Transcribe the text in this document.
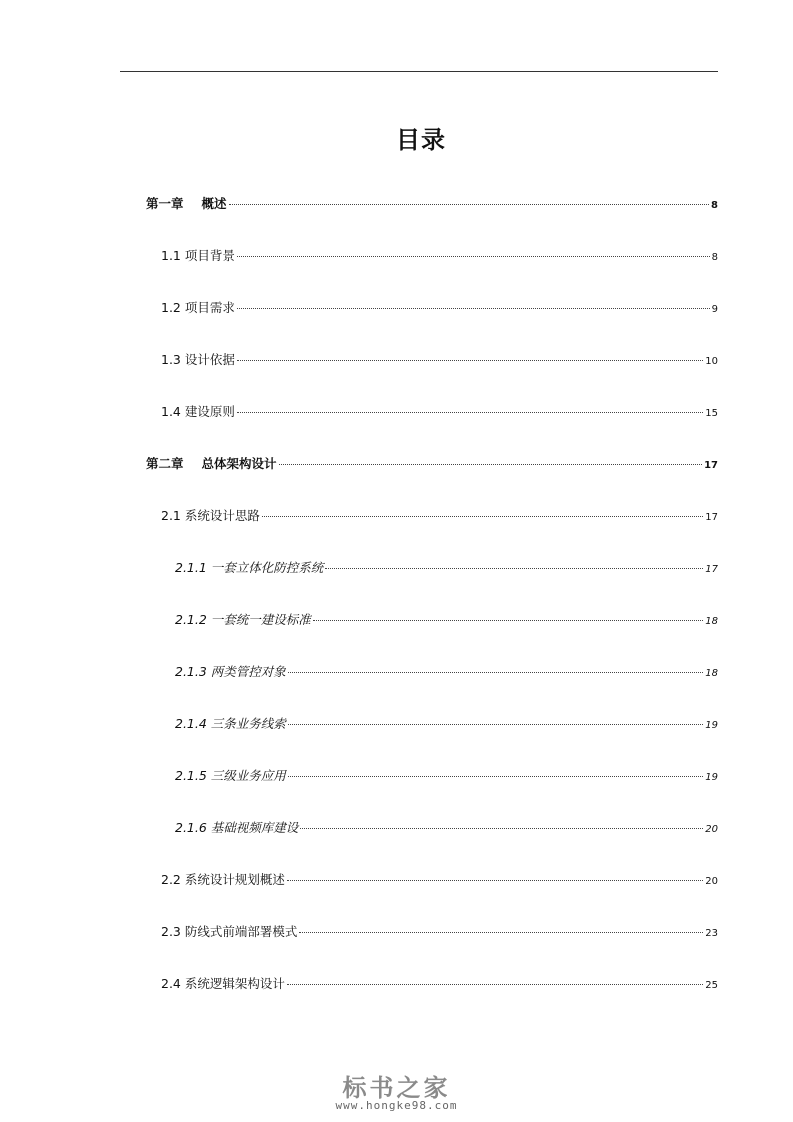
目录
第一章 概述	8
1.1 项目背景	8
1.2 项目需求	9
1.3 设计依据	10
1.4 建设原则	15
第二章 总体架构设计	17
2.1 系统设计思路	17
2.1.1 一套立体化防控系统	17
2.1.2 一套统一建设标准	18
2.1.3 两类管控对象	18
2.1.4 三条业务线索	19
2.1.5 三级业务应用	19
2.1.6 基础视频库建设	20
2.2 系统设计规划概述	20
2.3 防线式前端部署模式	23
2.4 系统逻辑架构设计	25
标书之家
www.hongke98.com
